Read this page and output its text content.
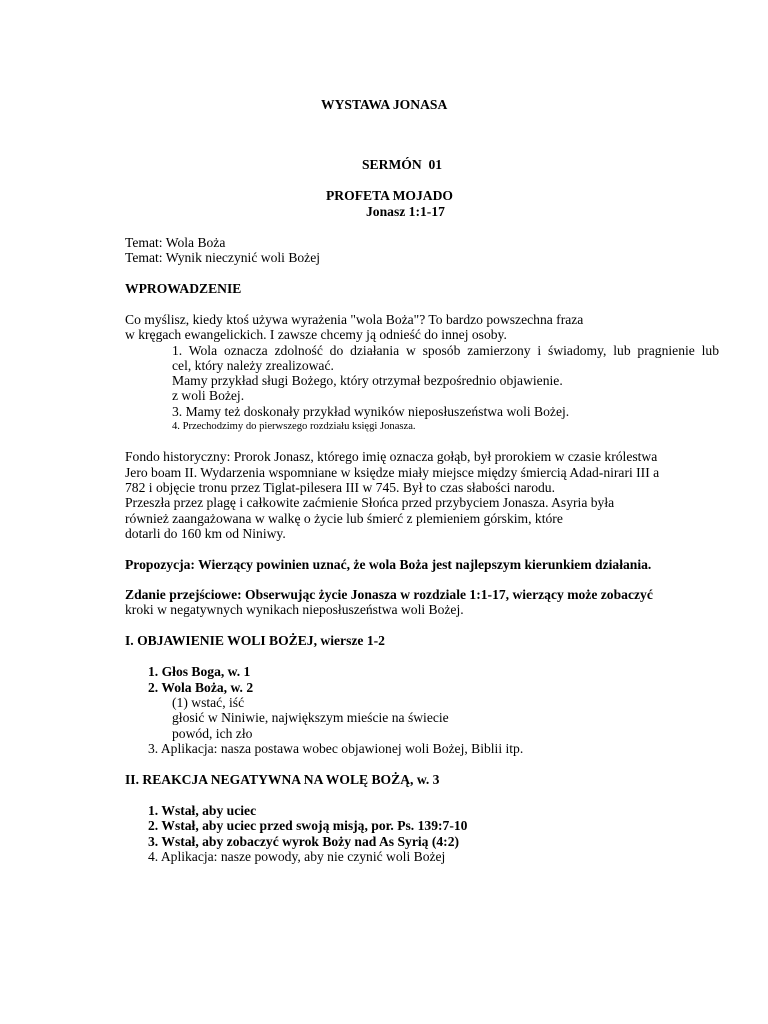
WYSTAWA JONASA
SERMÓN  01
PROFETA MOJADO
Jonasz 1:1-17
Temat: Wola Boża
Temat: Wynik nieczynić woli Bożej
WPROWADZENIE
Co myślisz, kiedy ktoś używa wyrażenia "wola Boża"? To bardzo powszechna fraza
w kręgach ewangelickich. I zawsze chcemy ją odnieść do innej osoby.
1. Wola oznacza zdolność do działania w sposób zamierzony i świadomy, lub pragnienie lub
cel, który należy zrealizować.
Mamy przykład sługi Bożego, który otrzymał bezpośrednio objawienie.
z woli Bożej.
3. Mamy też doskonały przykład wyników nieposłuszeństwa woli Bożej.
4. Przechodzimy do pierwszego rozdziału księgi Jonasza.
Fondo historyczny: Prorok Jonasz, którego imię oznacza gołąb, był prorokiem w czasie królestwa
Jero boam II. Wydarzenia wspomniane w księdze miały miejsce między śmiercią Adad-nirari III a
782 i objęcie tronu przez Tiglat-pilesera III w 745. Był to czas słabości narodu.
Przeszła przez plagę i całkowite zaćmienie Słońca przed przybyciem Jonasza. Asyria była
również zaangażowana w walkę o życie lub śmierć z plemieniem górskim, które
dotarli do 160 km od Niniwy.
Propozycja: Wierzący powinien uznać, że wola Boża jest najlepszym kierunkiem działania.
Zdanie przejściowe: Obserwując życie Jonasza w rozdziale 1:1-17, wierzący może zobaczyć
kroki w negatywnych wynikach nieposłuszeństwa woli Bożej.
I. OBJAWIENIE WOLI BOŻEJ, wiersze 1-2
1. Głos Boga, w. 1
2. Wola Boża, w. 2
(1) wstać, iść
głosić w Niniwie, największym mieście na świecie
powód, ich zło
3. Aplikacja: nasza postawa wobec objawionej woli Bożej, Biblii itp.
II. REAKCJA NEGATYWNA NA WOLĘ BOŻĄ, w. 3
1. Wstał, aby uciec
2. Wstał, aby uciec przed swoją misją, por. Ps. 139:7-10
3. Wstał, aby zobaczyć wyrok Boży nad As Syrią (4:2)
4. Aplikacja: nasze powody, aby nie czynić woli Bożej
